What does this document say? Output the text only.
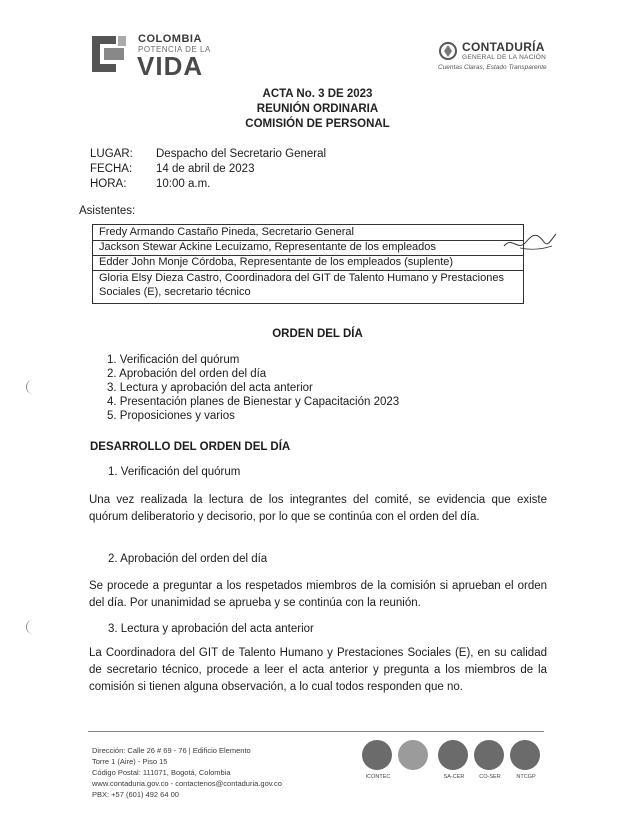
COLOMBIA
POTENCIA DE LA
VIDA
CONTADURÍA
GENERAL DE LA NACIÓN
Cuentas Claras, Estado Transparente
ACTA No. 3 DE 2023
REUNIÓN ORDINARIA
COMISIÓN DE PERSONAL
LUGAR: Despacho del Secretario General
FECHA: 14 de abril de 2023
HORA:	10:00 a.m.
Asistentes:
Fredy Armando Castaño Pineda, Secretario General
Jackson Stewar Ackine Lecuizamo, Representante de los empleados
Edder John Monje Córdoba, Representante de los empleados (suplente)
Gloria Elsy Dieza Castro, Coordinadora del GIT de Talento Humano y Prestaciones Sociales (E), secretario técnico
ORDEN DEL DÍA
1. Verificación del quórum
2. Aprobación del orden del día
3. Lectura y aprobación del acta anterior
4. Presentación planes de Bienestar y Capacitación 2023
5. Proposiciones y varios
DESARROLLO DEL ORDEN DEL DÍA
1. Verificación del quórum
Una vez realizada la lectura de los integrantes del comité, se evidencia que existe quórum deliberatorio y decisorio, por lo que se continúa con el orden del día.
2. Aprobación del orden del día
Se procede a preguntar a los respetados miembros de la comisión si aprueban el orden del día. Por unanimidad se aprueba y se continúa con la reunión.
3. Lectura y aprobación del acta anterior
La Coordinadora del GIT de Talento Humano y Prestaciones Sociales (E), en su calidad de secretario técnico, procede a leer el acta anterior y pregunta a los miembros de la comisión si tienen alguna observación, a lo cual todos responden que no.
Dirección: Calle 26 # 69 - 76 | Edificio Elemento
Torre 1 (Aire) - Piso 15
Código Postal: 111071, Bogotá, Colombia
www.contaduria.gov.co - contactenos@contaduria.gov.co
PBX: +57 (601) 492 64 00
ICONTEC	SA-CER	CO-SER	NTCGP
